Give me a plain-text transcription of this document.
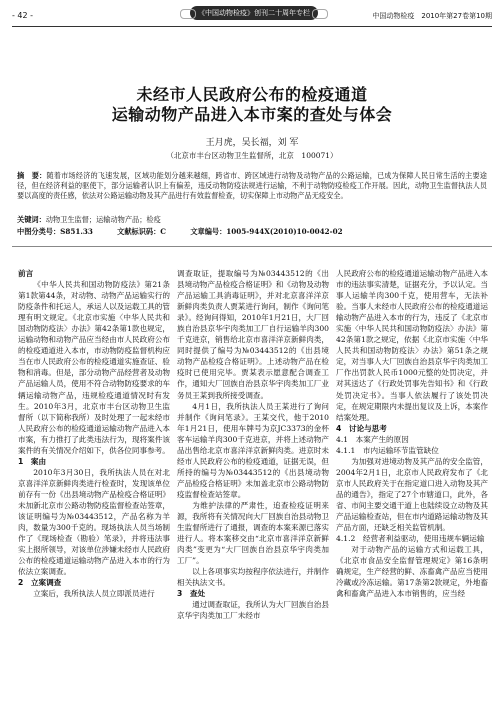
- 42 -	《中国动物检疫》创刊二十周年专栏	中国动物检疫　2010年第27卷第10期
未经市人民政府公布的检疫通道
运输动物产品进入本市案的查处与体会
王月虎，吴长福，刘 军
（北京市丰台区动物卫生监督所，北京　100071）
摘　要：随着市场经济的飞速发展，区域功能划分越来越细，跨省市、跨区域进行动物及动物产品的公路运输，已成为保障人民日常生活的主要途径，但在经济利益的驱使下，部分运输者认识上有偏差，违反动物防疫法规进行运输，不利于动物防疫检疫工作开展。因此，动物卫生监督执法人员要以高度的责任感，依法对公路运输动物及其产品进行有效监督检查，切实保障上市动物产品无疫安全。
关键词：动物卫生监督；运输动物产品；检疫
中图分类号：S851.33	文献标识码：C	文章编号：1005-944X(2010)10-0042-02

前言

《中华人民共和国动物防疫法》第21条第1款第44条，对动物、动物产品运输实行的防疫条件和托运人，承运人以及运载工具的管理有明文规定。《北京市实施〈中华人民共和国动物防疫法〉办法》第42条第1款也规定，运输动物和动物产品应当经由市人民政府公布的检疫通道进入本市，市动物防疫监督机构应当在市人民政府公布的检疫通道实施查证、验物和消毒。但是，部分动物产品经营者及动物产品运输人员，使用不符合动物防疫要求的车辆运输动物产品，违规检疫通道情况时有发生。2010年3月，北京市丰台区动物卫生监督所（以下简称我所）及时处理了一起未经市人民政府公布的检疫通道运输动物产品进入本市案，有力推打了此类违法行为，现将案件该案件的有关情况介绍如下，供各位同事参考。

1　案由

2010年3月30日，我所执法人员在对北京喜洋洋京新鲜肉类进行检查时，发现该单位前存有一份《出县境动物产品检疫合格证明》未加新北京市公路动物防疫监督检查站签章，该证明编号为№03443512，产品名称为羊肉，数量为300千克的。现场执法人员当场制作了《现场检查（勘验）笔录》，并将违法事实上报所领导，对该单位涉嫌未经市人民政府公布的检疫通道运输动物产品进入本市的行为依法立案调查。

2　立案调查

立案后，我所执法人员立即派员进行

调查取证，提取编号为№03443512的《出县境动物产品检疫合格证明》和《动物及动物产品运输工具消毒证明》，并对北京喜洋洋京新鲜肉类负责人贾某进行询问，制作《询问笔录》。经询问得知，2010年1月21日，大厂回族自治县京华宇肉类加工厂自行运输羊肉300千克进京，销售给北京市喜洋洋京新鲜肉类，同时提供了编号为№03443512的《出县境动物产品检疫合格证明》。上述动物产品在检疫时已使用完毕。贾某表示愿意配合调查工作，通知大厂回族自治县京华宇肉类加工厂业务员王某到我所接受调查。

4月1日，我所执法人员王某进行了询问并制作《询问笔录》。王某交代，他于2010年1月21日，使用车牌号为京JC3373的金杯客车运输羊肉300千克进京，并将上述动物产品出售给北京市喜洋洋京新鲜肉类。进京时未经市人民政府公布的检疫通道，证据无误，但所持的编号为№03443512的《出县境动物产品检疫合格证明》未加盖北京市公路动物防疫监督检查站签章。

为维护法律的严肃性，追查检疫证明来源，我所将有关情况向大厂回族自治县动物卫生监督所进行了通报，调查的本案来源已落实进行人。将本案移交由“北京市喜洋洋京新鲜肉类”变更为“大厂回族自治县京华宇肉类加工厂”。

以上各项事实均按程序依法进行，并制作相关执法文书。

3　查处

通过调查取证，我所认为大厂回族自治县京华宇肉类加工厂未经市

人民政府公布的检疫通道运输动物产品进入本市的违法事实清楚，证据充分，予以认定。当事人运输羊肉300千克，使用营车，无法补验。当事人未经市人民政府公布的检疫通道运输动物产品进入本市的行为，违反了《北京市实施〈中华人民共和国动物防疫法〉办法》第42条第1款之规定，依据《北京市实施〈中华人民共和国动物防疫法〉办法》第51条之规定，对当事人大厂回族自治县京华宇肉类加工厂作出罚款人民币1000元整的处罚决定，并对其送达了《行政处罚事先告知书》和《行政处罚决定书》。当事人依法履行了该处罚决定，在规定期限内未提出复议及上诉，本案作结案处理。

4　讨论与思考

4.1　本案产生的原因

4.1.1　市内运输环节监管缺位

为加强对进境动物及其产品的安全监管，2004年2月1日，北京市人民政府发布了《北京市人民政府关于在指定道口进入动物及其产品的通告》，指定了27个市辖道口，此外，各省、市间主要交通干道上也陆续设立动物及其产品运输检查站，但在市内道路运输动物及其产品方面，还缺乏相关监管机制。

4.1.2　经营者利益驱动，使用违规车辆运输

对于动物产品的运输方式和运载工具，《北京市食品安全监督管理规定》第16条明确规定，生产经营的鲜、冻畜禽产品应当使用冷藏或冷冻运输。第17条第2款规定，外地畜禽和畜禽产品进入本市销售的，应当经
